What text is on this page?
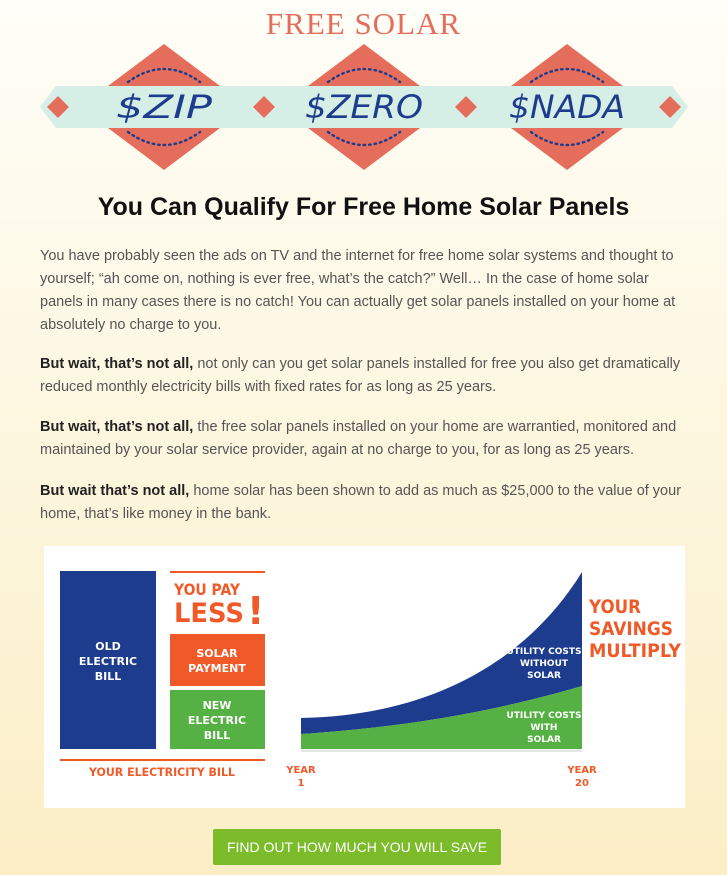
FREE SOLAR
$ZIP	$ZERO	$NADA
You Can Qualify For Free Home Solar Panels

You have probably seen the ads on TV and the internet for free home solar systems and thought to yourself; “ah come on, nothing is ever free, what’s the catch?” Well… In the case of home solar panels in many cases there is no catch! You can actually get solar panels installed on your home at absolutely no charge to you.

But wait, that’s not all, not only can you get solar panels installed for free you also get dramatically reduced monthly electricity bills with fixed rates for as long as 25 years.

But wait, that’s not all, the free solar panels installed on your home are warrantied, monitored and maintained by your solar service provider, again at no charge to you, for as long as 25 years.

But wait that’s not all, home solar has been shown to add as much as $25,000 to the value of your home, that’s like money in the bank.

OLD
ELECTRIC
BILL
YOU PAY
LESS !
SOLAR
PAYMENT
NEW
ELECTRIC
BILL
YOUR ELECTRICITY BILL
UTILITY COSTS
WITHOUT
SOLAR
UTILITY COSTS
WITH
SOLAR
YOUR
SAVINGS
MULTIPLY
YEAR
1
YEAR
20
FIND OUT HOW MUCH YOU WILL SAVE
